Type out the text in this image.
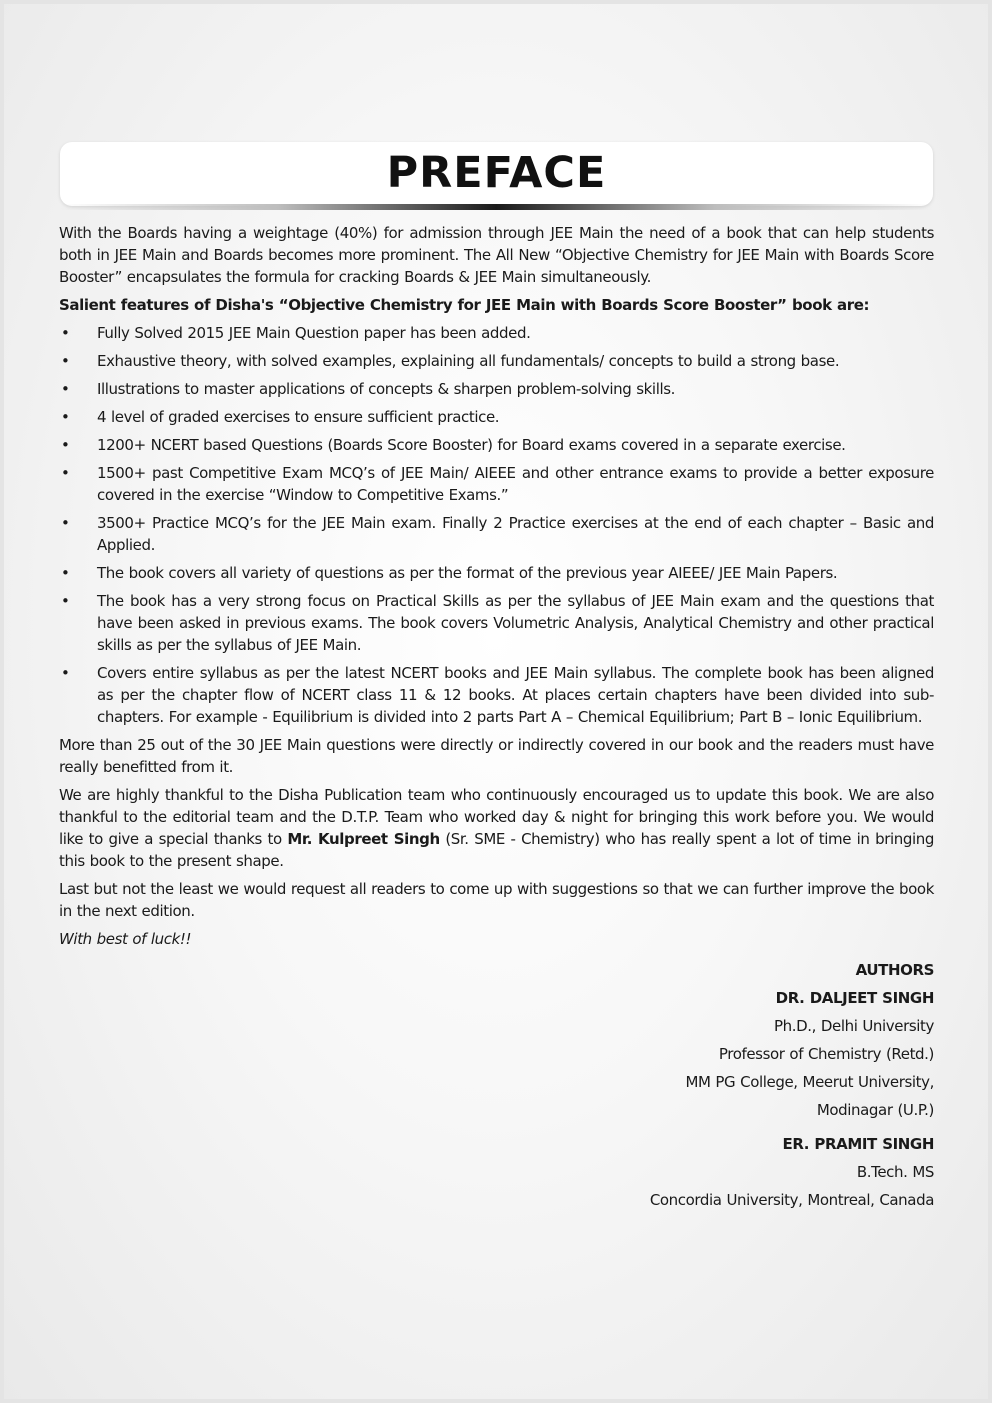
PREFACE

With the Boards having a weightage (40%) for admission through JEE Main the need of a book that can help students both in JEE Main and Boards becomes more prominent. The All New “Objective Chemistry for JEE Main with Boards Score Booster” encapsulates the formula for cracking Boards & JEE Main simultaneously.

Salient features of Disha's “Objective Chemistry for JEE Main with Boards Score Booster” book are:

• Fully Solved 2015 JEE Main Question paper has been added.
• Exhaustive theory, with solved examples, explaining all fundamentals/ concepts to build a strong base.
• Illustrations to master applications of concepts & sharpen problem-solving skills.
• 4 level of graded exercises to ensure sufficient practice.
• 1200+ NCERT based Questions (Boards Score Booster) for Board exams covered in a separate exercise.
• 1500+ past Competitive Exam MCQ’s of JEE Main/ AIEEE and other entrance exams to provide a better exposure covered in the exercise “Window to Competitive Exams.”
• 3500+ Practice MCQ’s for the JEE Main exam. Finally 2 Practice exercises at the end of each chapter – Basic and Applied.
• The book covers all variety of questions as per the format of the previous year AIEEE/ JEE Main Papers.
• The book has a very strong focus on Practical Skills as per the syllabus of JEE Main exam and the questions that have been asked in previous exams. The book covers Volumetric Analysis, Analytical Chemistry and other practical skills as per the syllabus of JEE Main.
• Covers entire syllabus as per the latest NCERT books and JEE Main syllabus. The complete book has been aligned as per the chapter flow of NCERT class 11 & 12 books. At places certain chapters have been divided into sub-chapters. For example - Equilibrium is divided into 2 parts Part A – Chemical Equilibrium; Part B – Ionic Equilibrium.

More than 25 out of the 30 JEE Main questions were directly or indirectly covered in our book and the readers must have really benefitted from it.

We are highly thankful to the Disha Publication team who continuously encouraged us to update this book. We are also thankful to the editorial team and the D.T.P. Team who worked day & night for bringing this work before you. We would like to give a special thanks to Mr. Kulpreet Singh (Sr. SME - Chemistry) who has really spent a lot of time in bringing this book to the present shape.

Last but not the least we would request all readers to come up with suggestions so that we can further improve the book in the next edition.

With best of luck!!

AUTHORS
DR. DALJEET SINGH
Ph.D., Delhi University
Professor of Chemistry (Retd.)
MM PG College, Meerut University,
Modinagar (U.P.)
ER. PRAMIT SINGH
B.Tech. MS
Concordia University, Montreal, Canada
